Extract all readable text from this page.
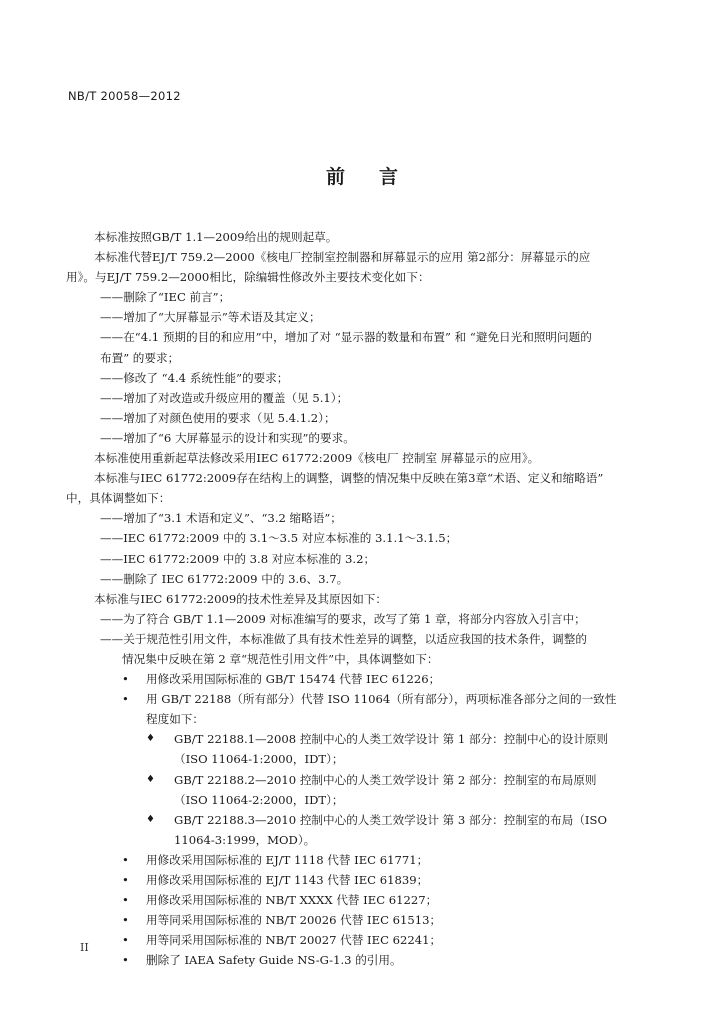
NB/T 20058—2012
前 言
本标准按照GB/T 1.1—2009给出的规则起草。
本标准代替EJ/T 759.2—2000《核电厂控制室控制器和屏幕显示的应用 第2部分：屏幕显示的应
用》。与EJ/T 759.2—2000相比，除编辑性修改外主要技术变化如下：
——删除了“IEC 前言”；
——增加了“大屏幕显示”等术语及其定义；
——在“4.1 预期的目的和应用”中，增加了对 “显示器的数量和布置” 和 “避免日光和照明问题的
布置” 的要求；
——修改了 “4.4 系统性能”的要求；
——增加了对改造或升级应用的覆盖（见 5.1）；
——增加了对颜色使用的要求（见 5.4.1.2）；
——增加了“6 大屏幕显示的设计和实现”的要求。
本标准使用重新起草法修改采用IEC 61772:2009《核电厂 控制室 屏幕显示的应用》。
本标准与IEC 61772:2009存在结构上的调整，调整的情况集中反映在第3章“术语、定义和缩略语”
中，具体调整如下：
——增加了“3.1 术语和定义”、“3.2 缩略语”；
——IEC 61772:2009 中的 3.1～3.5 对应本标准的 3.1.1～3.1.5；
——IEC 61772:2009 中的 3.8 对应本标准的 3.2；
——删除了 IEC 61772:2009 中的 3.6、3.7。
本标准与IEC 61772:2009的技术性差异及其原因如下：
——为了符合 GB/T 1.1—2009 对标准编写的要求，改写了第 1 章，将部分内容放入引言中；
——关于规范性引用文件，本标准做了具有技术性差异的调整，以适应我国的技术条件，调整的
情况集中反映在第 2 章“规范性引用文件”中，具体调整如下：
• 用修改采用国际标准的 GB/T 15474 代替 IEC 61226；
• 用 GB/T 22188（所有部分）代替 ISO 11064（所有部分），两项标准各部分之间的一致性
程度如下：
♦ GB/T 22188.1—2008 控制中心的人类工效学设计 第 1 部分：控制中心的设计原则
（ISO 11064-1:2000，IDT）；
♦ GB/T 22188.2—2010 控制中心的人类工效学设计 第 2 部分：控制室的布局原则
（ISO 11064-2:2000，IDT）；
♦ GB/T 22188.3—2010 控制中心的人类工效学设计 第 3 部分：控制室的布局（ISO
11064-3:1999，MOD）。
• 用修改采用国际标准的 EJ/T 1118 代替 IEC 61771；
• 用修改采用国际标准的 EJ/T 1143 代替 IEC 61839；
• 用修改采用国际标准的 NB/T XXXX 代替 IEC 61227；
• 用等同采用国际标准的 NB/T 20026 代替 IEC 61513；
• 用等同采用国际标准的 NB/T 20027 代替 IEC 62241；
• 删除了 IAEA Safety Guide NS-G-1.3 的引用。
II
